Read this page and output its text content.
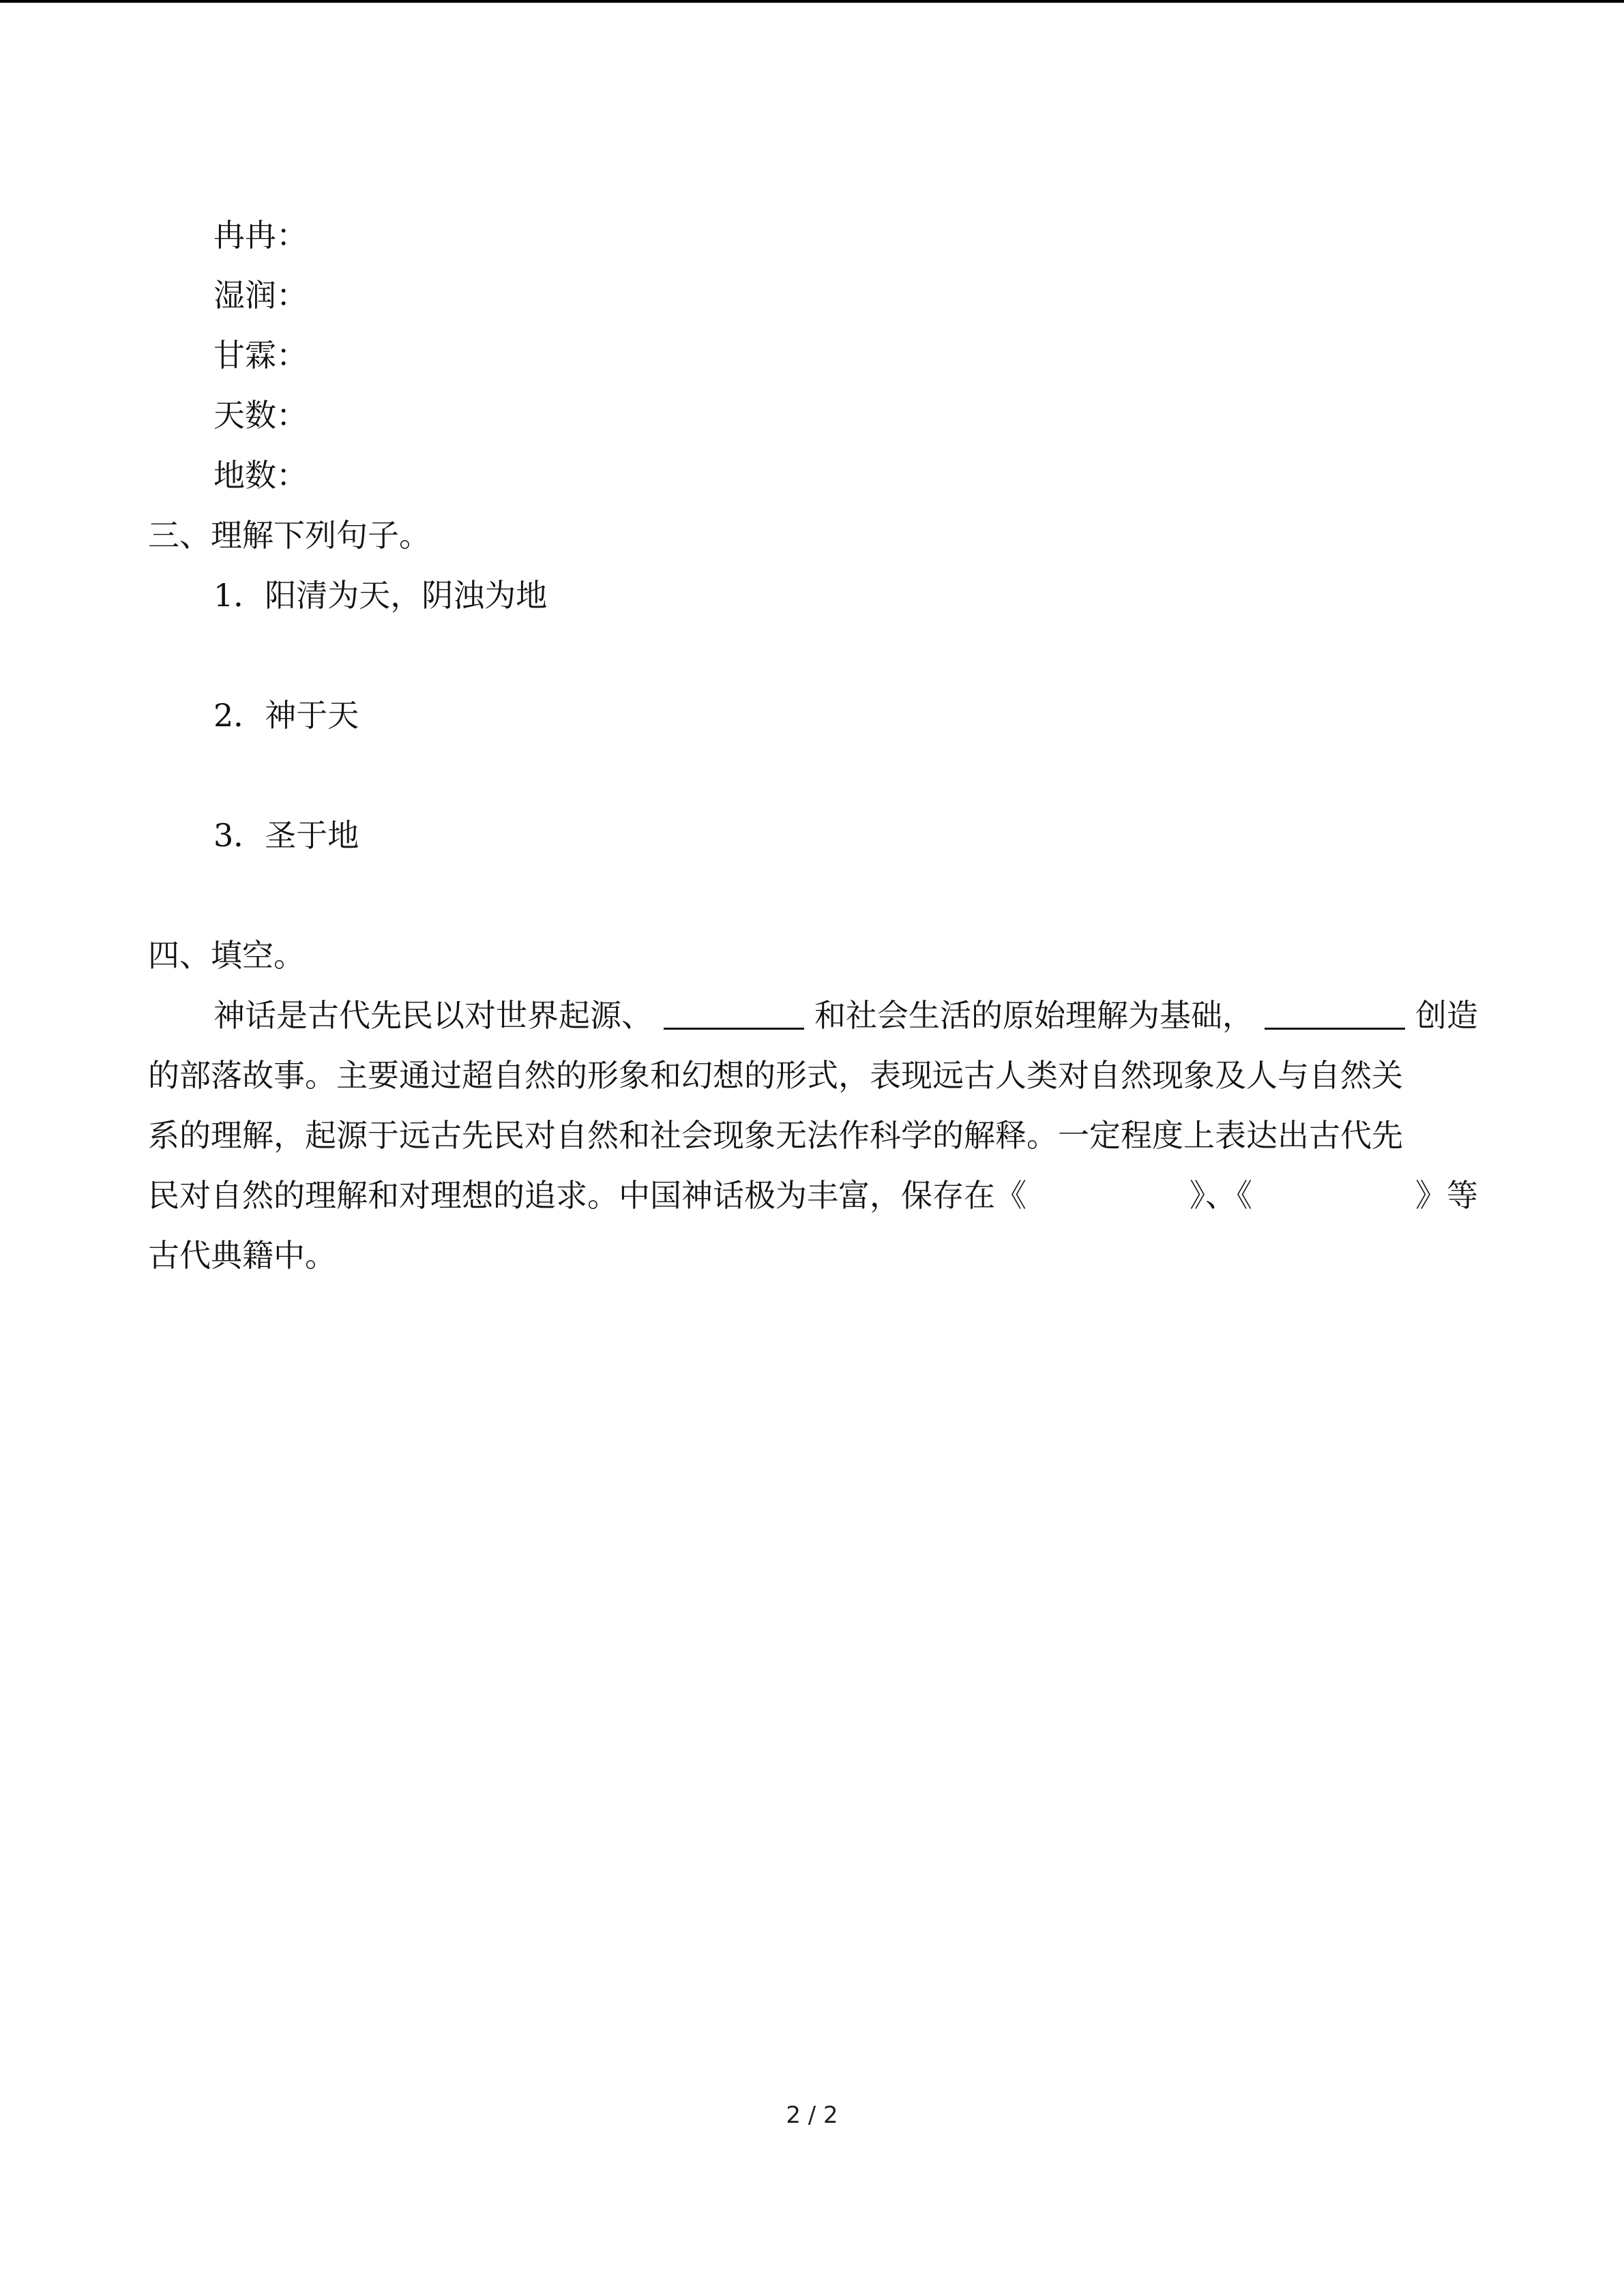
冉冉：
湿润：
甘霖：
天数：
地数：
三、理解下列句子。
1．阳清为天，阴浊为地
2．神于天
3．圣于地
四、填空。
神话是古代先民以对世界起源、	和社会生活的原始理解为基础，	创造
的部落故事。主要通过超自然的形象和幻想的形式，表现远古人类对自然现象及人与自然关
系的理解，起源于远古先民对自然和社会现象无法作科学的解释。一定程度上表达出古代先
民对自然的理解和对理想的追求。中国神话极为丰富，保存在《	》、《	》等
古代典籍中。
2 / 2
